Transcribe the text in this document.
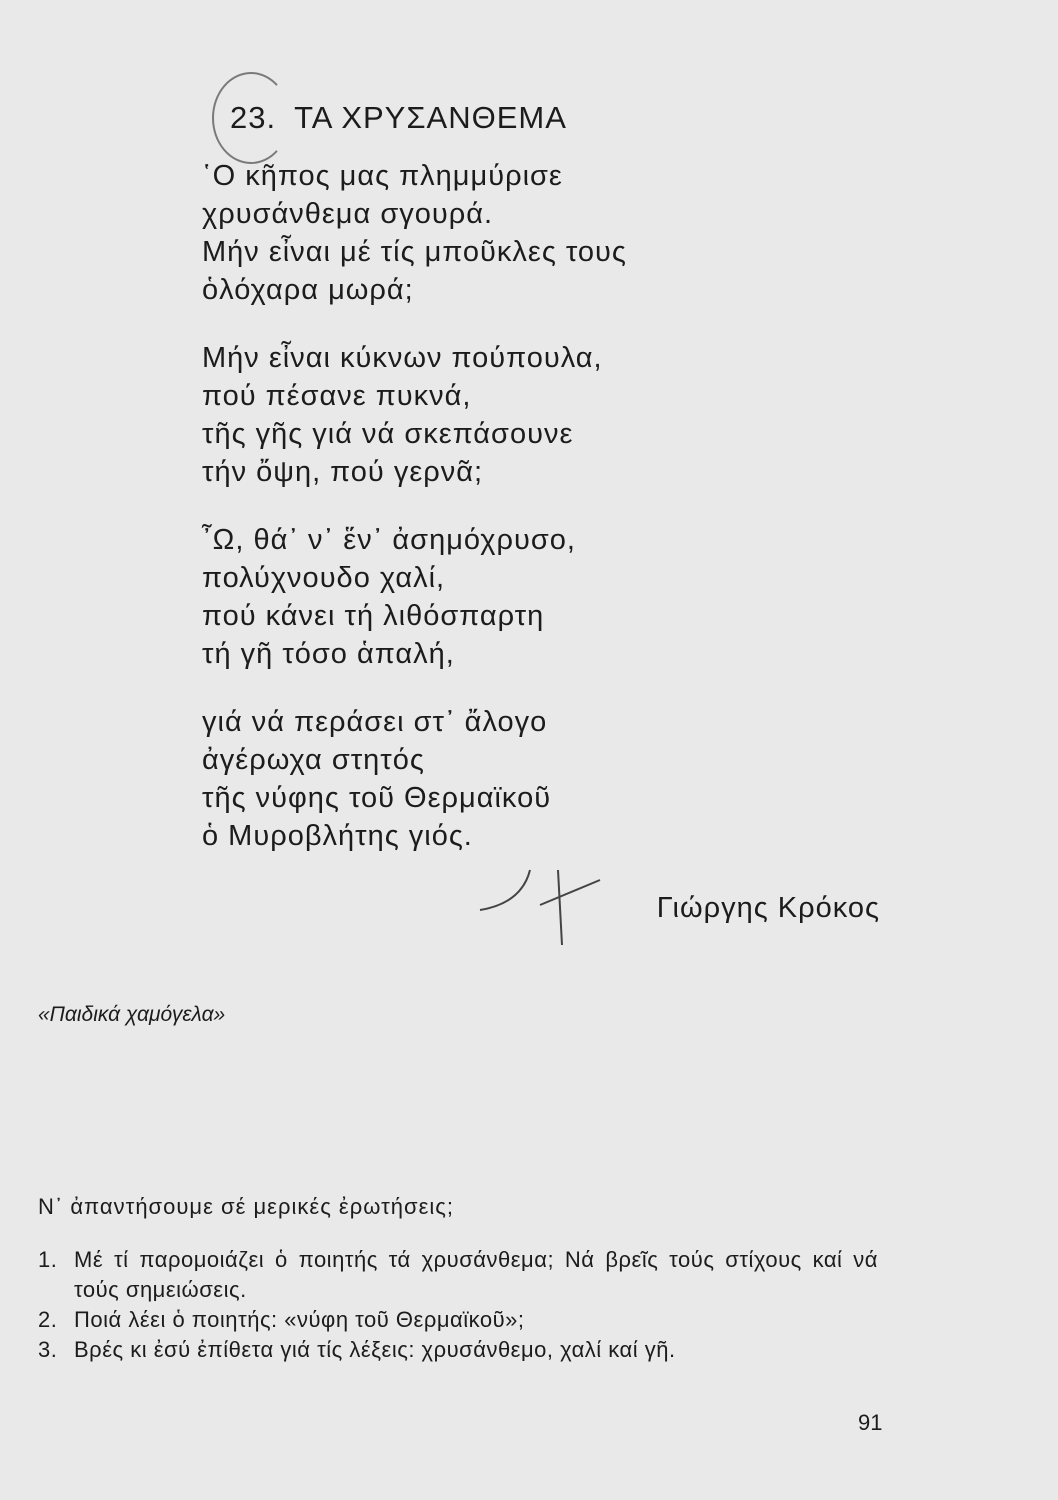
23. ΤΑ ΧΡΥΣΑΝΘΕΜΑ
῾Ο κῆπος μας πλημμύρισε
χρυσάνθεμα σγουρά.
Μήν εἶναι μέ τίς μποῦκλες τους
ὁλόχαρα μωρά;
Μήν εἶναι κύκνων πούπουλα,
πού πέσανε πυκνά,
τῆς γῆς γιά νά σκεπάσουνε
τήν ὄψη, πού γερνᾶ;
῏Ω, θά᾽ ν᾽ ἕν᾽ ἀσημόχρυσο,
πολύχνουδο χαλί,
πού κάνει τή λιθόσπαρτη
τή γῆ τόσο ἁπαλή,
γιά νά περάσει στ᾽ ἄλογο
ἀγέρωχα στητός
τῆς νύφης τοῦ Θερμαϊκοῦ
ὁ Μυροβλήτης γιός.
Γιώργης Κρόκος
«Παιδικά χαμόγελα»
Ν᾽ ἀπαντήσουμε σέ μερικές ἐρωτήσεις;
1. Μέ τί παρομοιάζει ὁ ποιητής τά χρυσάνθεμα; Νά βρεῖς τούς στίχους καί νά τούς σημειώσεις.
2. Ποιά λέει ὁ ποιητής: «νύφη τοῦ Θερμαϊκοῦ»;
3. Βρές κι ἐσύ ἐπίθετα γιά τίς λέξεις: χρυσάνθεμο, χαλί καί γῆ.
91
